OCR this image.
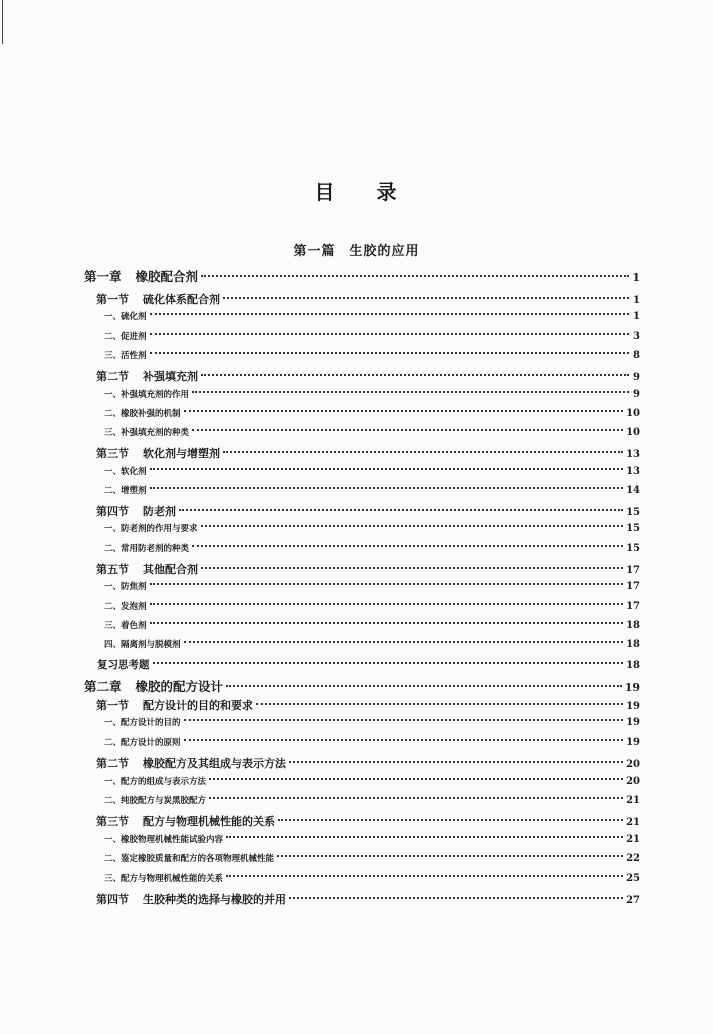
目 录
第一篇　生胶的应用
第一章 橡胶配合剂	1
第一节 硫化体系配合剂	1
一、硫化剂	1
二、促进剂	3
三、活性剂	8
第二节 补强填充剂	9
一、补强填充剂的作用	9
二、橡胶补强的机制	10
三、补强填充剂的种类	10
第三节 软化剂与增塑剂	13
一、软化剂	13
二、增塑剂	14
第四节 防老剂	15
一、防老剂的作用与要求	15
二、常用防老剂的种类	15
第五节 其他配合剂	17
一、防焦剂	17
二、发泡剂	17
三、着色剂	18
四、隔离剂与脱模剂	18
复习思考题	18
第二章 橡胶的配方设计	19
第一节 配方设计的目的和要求	19
一、配方设计的目的	19
二、配方设计的原则	19
第二节 橡胶配方及其组成与表示方法	20
一、配方的组成与表示方法	20
二、纯胶配方与炭黑胶配方	21
第三节 配方与物理机械性能的关系	21
一、橡胶物理机械性能试验内容	21
二、鉴定橡胶质量和配方的各项物理机械性能	22
三、配方与物理机械性能的关系	25
第四节 生胶种类的选择与橡胶的并用	27
